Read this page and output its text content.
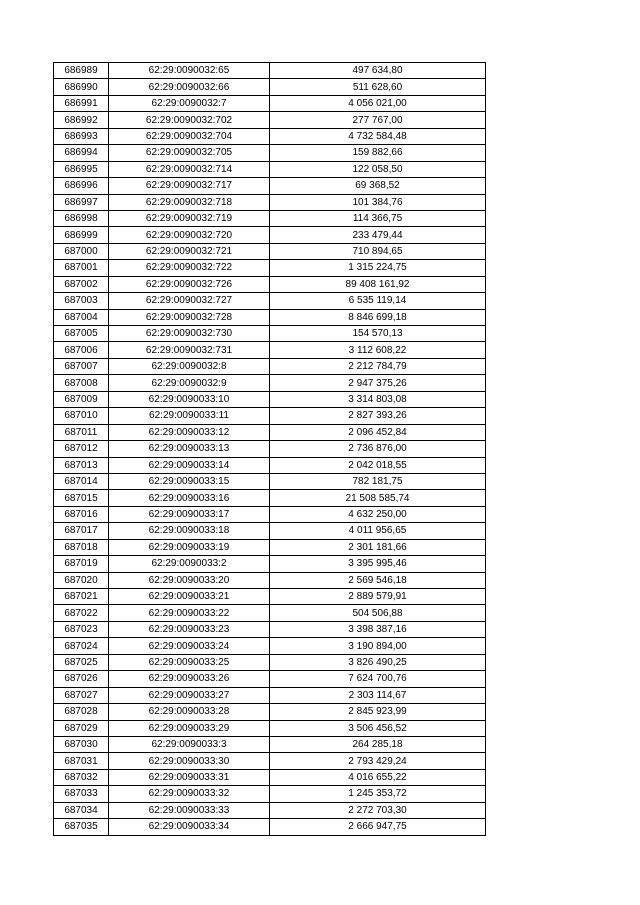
686989	62:29:0090032:65	497 634,80
686990	62:29:0090032:66	511 628,60
686991	62:29:0090032:7	4 056 021,00
686992	62:29:0090032:702	277 767,00
686993	62:29:0090032:704	4 732 584,48
686994	62:29:0090032:705	159 882,66
686995	62:29:0090032:714	122 058,50
686996	62:29:0090032:717	69 368,52
686997	62:29:0090032:718	101 384,76
686998	62:29:0090032:719	114 366,75
686999	62:29:0090032:720	233 479,44
687000	62:29:0090032:721	710 894,65
687001	62:29:0090032:722	1 315 224,75
687002	62:29:0090032:726	89 408 161,92
687003	62:29:0090032:727	6 535 119,14
687004	62:29:0090032:728	8 846 699,18
687005	62:29:0090032:730	154 570,13
687006	62:29:0090032:731	3 112 608,22
687007	62:29:0090032:8	2 212 784,79
687008	62:29:0090032:9	2 947 375,26
687009	62:29:0090033:10	3 314 803,08
687010	62:29:0090033:11	2 827 393,26
687011	62:29:0090033:12	2 096 452,84
687012	62:29:0090033:13	2 736 876,00
687013	62:29:0090033:14	2 042 018,55
687014	62:29:0090033:15	782 181,75
687015	62:29:0090033:16	21 508 585,74
687016	62:29:0090033:17	4 632 250,00
687017	62:29:0090033:18	4 011 956,65
687018	62:29:0090033:19	2 301 181,66
687019	62:29:0090033:2	3 395 995,46
687020	62:29:0090033:20	2 569 546,18
687021	62:29:0090033:21	2 889 579,91
687022	62:29:0090033:22	504 506,88
687023	62:29:0090033:23	3 398 387,16
687024	62:29:0090033:24	3 190 894,00
687025	62:29:0090033:25	3 826 490,25
687026	62:29:0090033:26	7 624 700,76
687027	62:29:0090033:27	2 303 114,67
687028	62:29:0090033:28	2 845 923,99
687029	62:29:0090033:29	3 506 456,52
687030	62:29:0090033:3	264 285,18
687031	62:29:0090033:30	2 793 429,24
687032	62:29:0090033:31	4 016 655,22
687033	62:29:0090033:32	1 245 353,72
687034	62:29:0090033:33	2 272 703,30
687035	62:29:0090033:34	2 666 947,75
